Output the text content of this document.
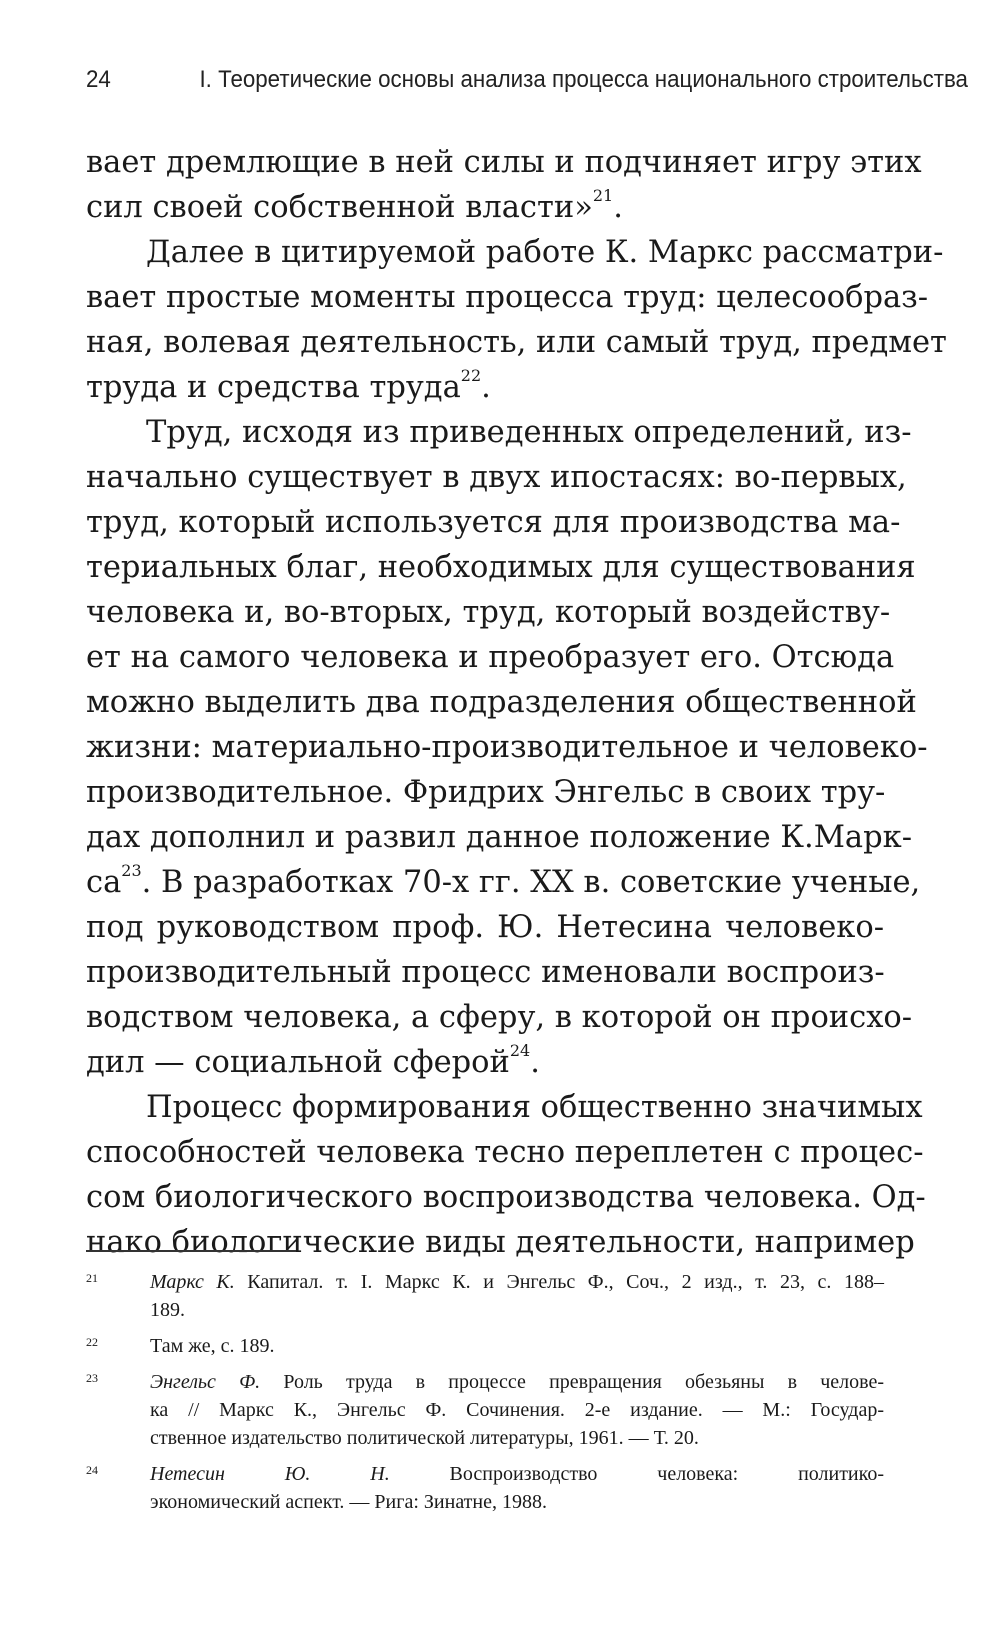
24	I. Теоретические основы анализа процесса национального строительства
вает дремлющие в ней силы и подчиняет игру этих
сил своей собственной власти»$^{21}$.
Далее в цитируемой работе К. Маркс рассматри-
вает простые моменты процесса труд: целесообраз-
ная, волевая деятельность, или самый труд, предмет
труда и средства труда$^{22}$.
Труд, исходя из приведенных определений, из-
начально существует в двух ипостасях: во-первых,
труд, который используется для производства ма-
териальных благ, необходимых для существования
человека и, во-вторых, труд, который воздейству-
ет на самого человека и преобразует его. Отсюда
можно выделить два подразделения общественной
жизни: материально-производительное и человеко-
производительное. Фридрих Энгельс в своих тру-
дах дополнил и развил данное положение К.Марк-
$са^{23}$. В разработках 70-х гг. XX в. советские ученые,
под руководством проф. Ю. Нетесина человеко-
производительный процесс именовали воспроиз-
водством человека, а сферу, в которой он происхо-
дил — социальной сферой$^{24}$.
Процесс формирования общественно значимых
способностей человека тесно переплетен с процес-
сом биологического воспроизводства человека. Од-
нако биологические виды деятельности, например
21	Маркс К. Капитал. т. I. Маркс К. и Энгельс Ф., Соч., 2 изд., т. 23, с. 188–
189.
22	Там же, с. 189.
23	Энгельс Ф. Роль труда в процессе превращения обезьяны в челове-
ка // Маркс К., Энгельс Ф. Сочинения. 2-е издание. — М.: Государ-
ственное издательство политической литературы, 1961. — Т. 20.
24	Нетесин Ю. Н. Воспроизводство человека: политико-
экономический аспект. — Рига: Зинатне, 1988.
